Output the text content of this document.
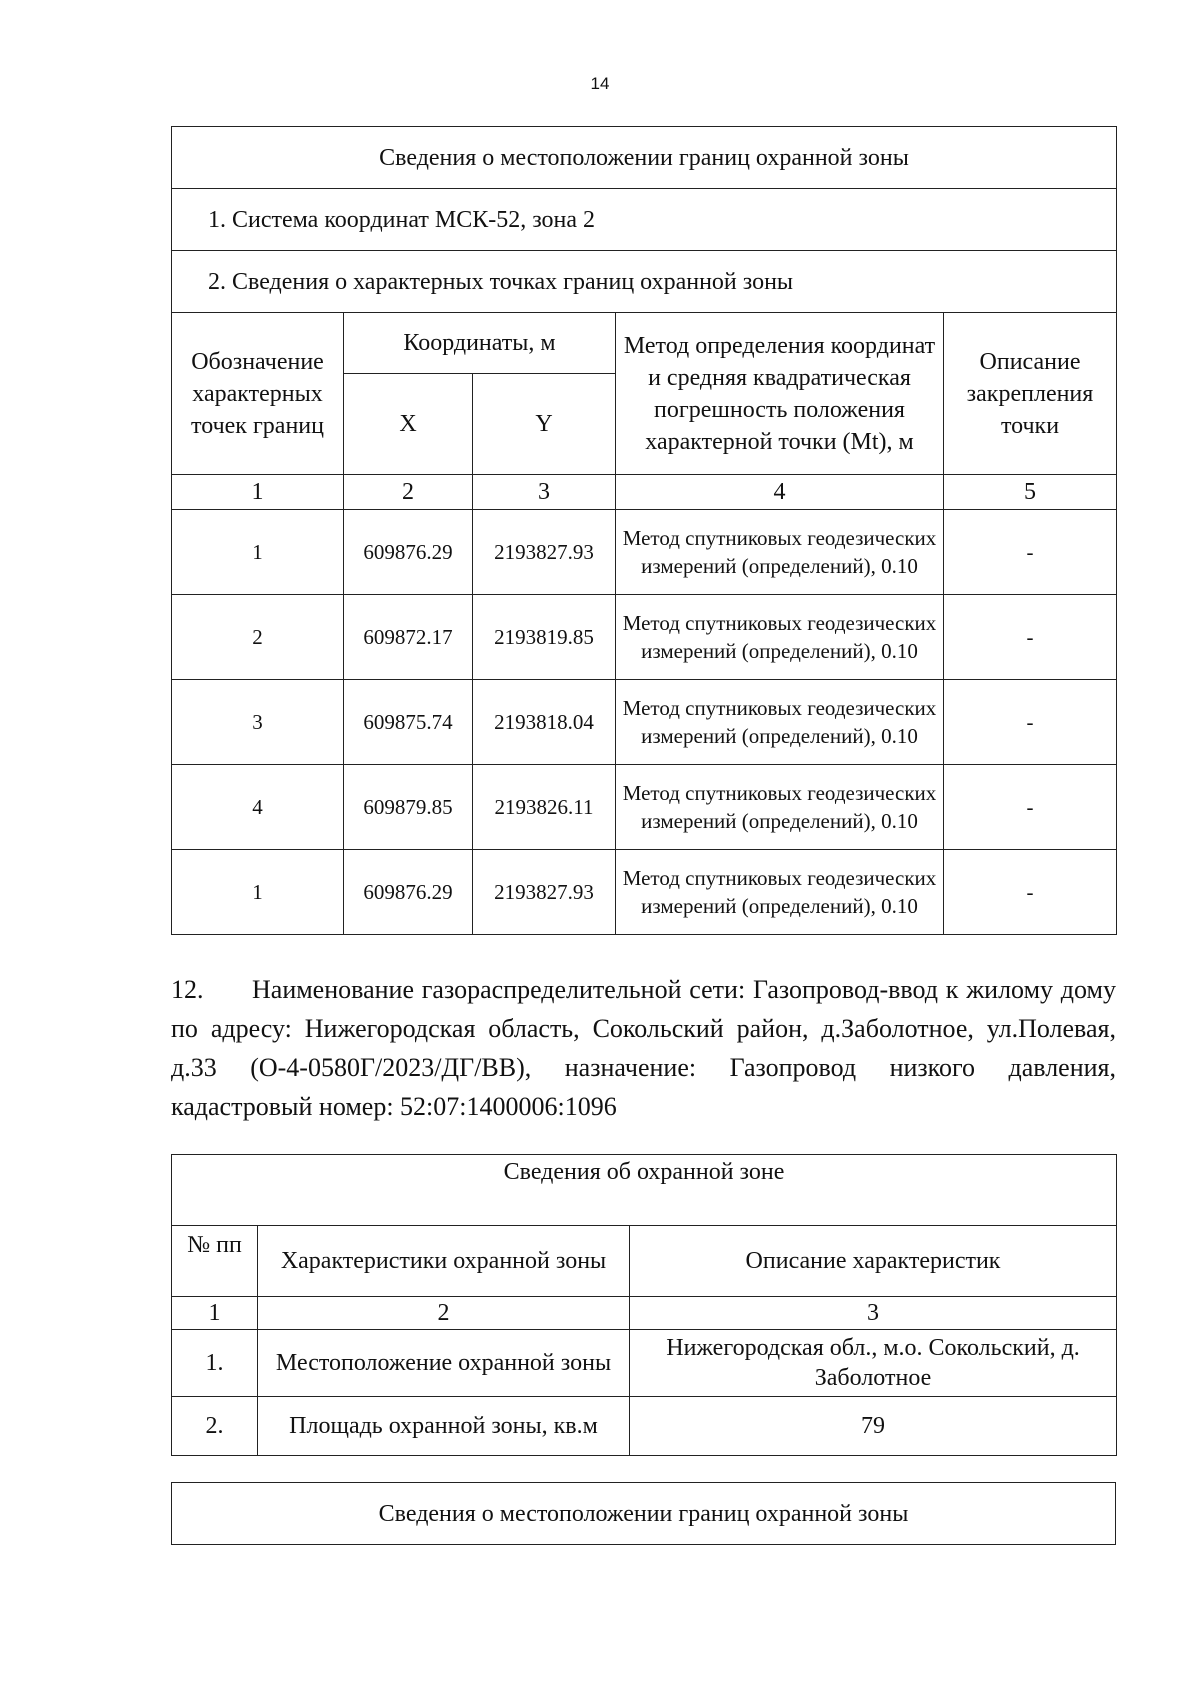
14
Сведения о местоположении границ охранной зоны				
1. Система координат МСК-52, зона 2				
2. Сведения о характерных точках границ охранной зоны				
Обозначение характерных точек границ	Координаты, м		Метод определения координат и средняя квадратическая погрешность положения характерной точки (Mt), м	Описание закрепления точки
	X	Y		
1	2	3	4	5
1	609876.29	2193827.93	Метод спутниковых геодезических измерений (определений), 0.10	-
2	609872.17	2193819.85	Метод спутниковых геодезических измерений (определений), 0.10	-
3	609875.74	2193818.04	Метод спутниковых геодезических измерений (определений), 0.10	-
4	609879.85	2193826.11	Метод спутниковых геодезических измерений (определений), 0.10	-
1	609876.29	2193827.93	Метод спутниковых геодезических измерений (определений), 0.10	-
12. Наименование газораспределительной сети: Газопровод-ввод к жилому дому по адресу: Нижегородская область, Сокольский район, д.Заболотное, ул.Полевая, д.33 (О-4-0580Г/2023/ДГ/ВВ), назначение: Газопровод низкого давления, кадастровый номер: 52:07:1400006:1096
Сведения об охранной зоне		
№ пп	Характеристики охранной зоны	Описание характеристик
1	2	3
1.	Местоположение охранной зоны	Нижегородская обл., м.о. Сокольский, д. Заболотное
2.	Площадь охранной зоны, кв.м	79
Сведения о местоположении границ охранной зоны
